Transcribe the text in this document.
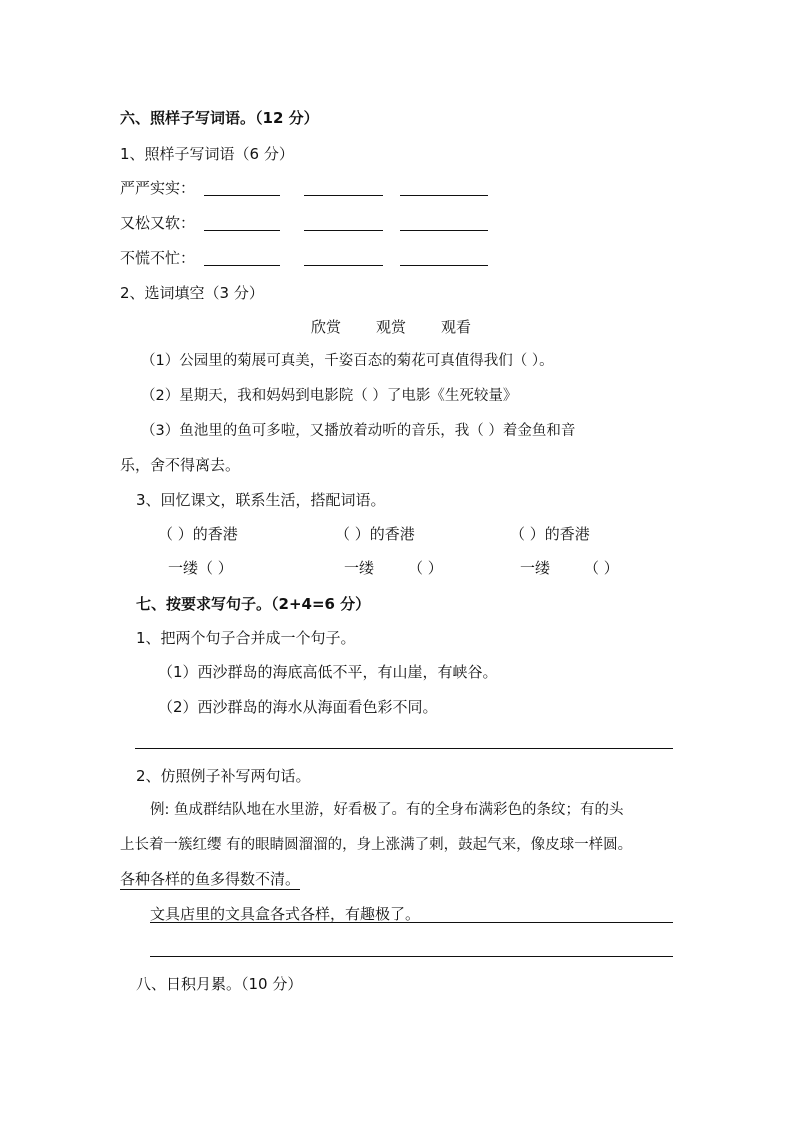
六、照样子写词语。（12 分）
1、照样子写词语（6 分）
严严实实：
又松又软：
不慌不忙：
2、选词填空（3 分）
欣赏 观赏 观看
（1）公园里的菊展可真美，千姿百态的菊花可真值得我们（ ）。
（2）星期天，我和妈妈到电影院（ ）了电影《生死较量》
（3）鱼池里的鱼可多啦，又播放着动听的音乐，我（ ）着金鱼和音
乐，舍不得离去。
3、回忆课文，联系生活，搭配词语。
（ ）的香港	（ ）的香港	（ ）的香港
一缕（ ）	一缕 （ ）	一缕 （ ）
七、按要求写句子。（2+4=6 分）
1、把两个句子合并成一个句子。
（1）西沙群岛的海底高低不平，有山崖，有峡谷。
（2）西沙群岛的海水从海面看色彩不同。
2、仿照例子补写两句话。
例: 鱼成群结队地在水里游，好看极了。有的全身布满彩色的条纹；有的头
上长着一簇红缨 有的眼睛圆溜溜的，身上涨满了刺，鼓起气来，像皮球一样圆。
各种各样的鱼多得数不清。
文具店里的文具盒各式各样，有趣极了。
八、日积月累。（10 分）
